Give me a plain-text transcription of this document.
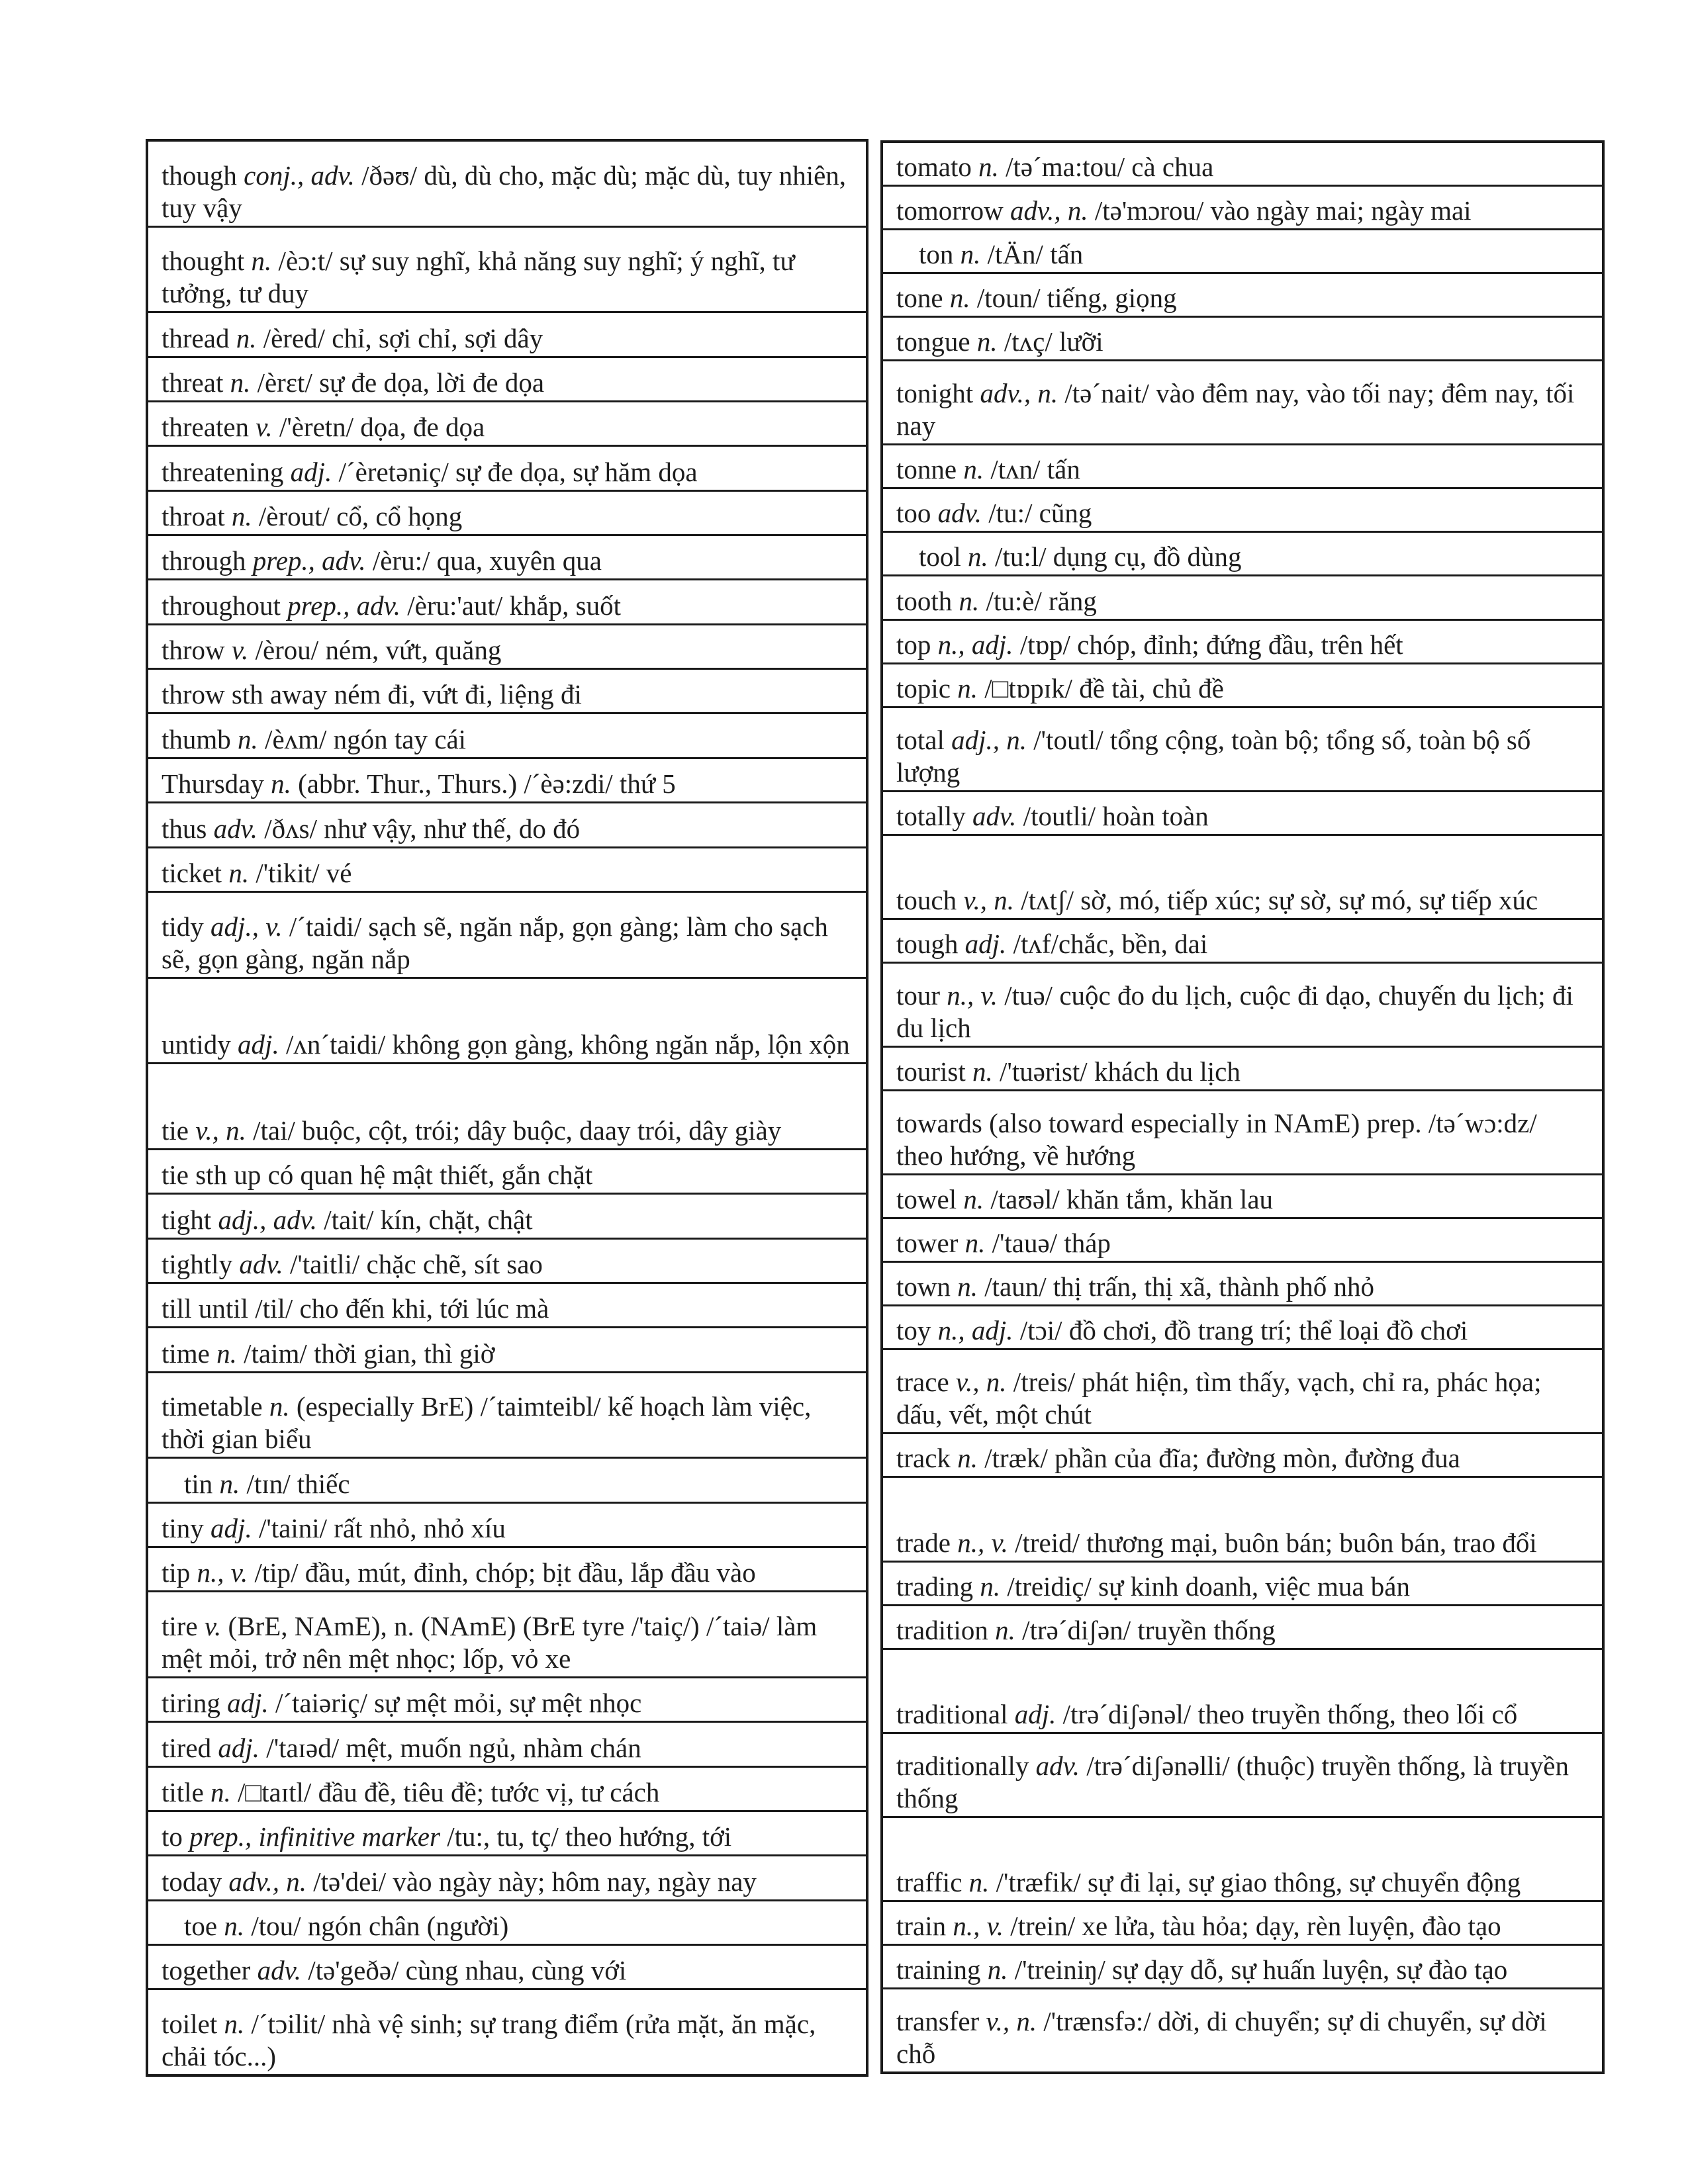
though conj., adv. /ðəʊ/ dù, dù cho, mặc dù; mặc dù, tuy nhiên, tuy vậy
thought n. /èɔ:t/ sự suy nghĩ, khả năng suy nghĩ; ý nghĩ, tư tưởng, tư duy
thread n. /èred/ chỉ, sợi chỉ, sợi dây
threat n. /èrɛt/ sự đe dọa, lời đe dọa
threaten v. /'èretn/ dọa, đe dọa
threatening adj. /´èretəniç/ sự đe dọa, sự hăm dọa
throat n. /èrout/ cổ, cổ họng
through prep., adv. /èru:/ qua, xuyên qua
throughout prep., adv. /èru:'aut/ khắp, suốt
throw v. /èrou/ ném, vứt, quăng
throw sth away ném đi, vứt đi, liệng đi
thumb n. /èʌm/ ngón tay cái
Thursday n. (abbr. Thur., Thurs.) /´èə:zdi/ thứ 5
thus adv. /ðʌs/ như vậy, như thế, do đó
ticket n. /'tikit/ vé
tidy adj., v. /´taidi/ sạch sẽ, ngăn nắp, gọn gàng; làm cho sạch sẽ, gọn gàng, ngăn nắp
untidy adj. /ʌn´taidi/ không gọn gàng, không ngăn nắp, lộn xộn
tie v., n. /tai/ buộc, cột, trói; dây buộc, daay trói, dây giày
tie sth up có quan hệ mật thiết, gắn chặt
tight adj., adv. /tait/ kín, chặt, chật
tightly adv. /'taitli/ chặc chẽ, sít sao
till until /til/ cho đến khi, tới lúc mà
time n. /taim/ thời gian, thì giờ
timetable n. (especially BrE) /´taimteibl/ kế hoạch làm việc, thời gian biểu
tin n. /tɪn/ thiếc
tiny adj. /'taini/ rất nhỏ, nhỏ xíu
tip n., v. /tip/ đầu, mút, đỉnh, chóp; bịt đầu, lắp đầu vào
tire v. (BrE, NAmE), n. (NAmE) (BrE tyre /'taiç/) /´taiə/ làm mệt mỏi, trở nên mệt nhọc; lốp, vỏ xe
tiring adj. /´taiəriç/ sự mệt mỏi, sự mệt nhọc
tired adj. /'taɪəd/ mệt, muốn ngủ, nhàm chán
title n. /□taɪtl/ đầu đề, tiêu đề; tước vị, tư cách
to prep., infinitive marker /tu:, tu, tç/ theo hướng, tới
today adv., n. /tə'dei/ vào ngày này; hôm nay, ngày nay
toe n. /tou/ ngón chân (người)
together adv. /tə'geðə/ cùng nhau, cùng với
toilet n. /´tɔilit/ nhà vệ sinh; sự trang điểm (rửa mặt, ăn mặc, chải tóc...)
tomato n. /tə´ma:tou/ cà chua
tomorrow adv., n. /tə'mɔrou/ vào ngày mai; ngày mai
ton n. /tÄn/ tấn
tone n. /toun/ tiếng, giọng
tongue n. /tʌç/ lưỡi
tonight adv., n. /tə´nait/ vào đêm nay, vào tối nay; đêm nay, tối nay
tonne n. /tʌn/ tấn
too adv. /tu:/ cũng
tool n. /tu:l/ dụng cụ, đồ dùng
tooth n. /tu:è/ răng
top n., adj. /tɒp/ chóp, đỉnh; đứng đầu, trên hết
topic n. /□tɒpɪk/ đề tài, chủ đề
total adj., n. /'toutl/ tổng cộng, toàn bộ; tổng số, toàn bộ số lượng
totally adv. /toutli/ hoàn toàn
touch v., n. /tʌtʃ/ sờ, mó, tiếp xúc; sự sờ, sự mó, sự tiếp xúc
tough adj. /tʌf/chắc, bền, dai
tour n., v. /tuə/ cuộc đo du lịch, cuộc đi dạo, chuyến du lịch; đi du lịch
tourist n. /'tuərist/ khách du lịch
towards (also toward especially in NAmE) prep. /tə´wɔ:dz/ theo hướng, về hướng
towel n. /taʊəl/ khăn tắm, khăn lau
tower n. /'tauə/ tháp
town n. /taun/ thị trấn, thị xã, thành phố nhỏ
toy n., adj. /tɔi/ đồ chơi, đồ trang trí; thể loại đồ chơi
trace v., n. /treis/ phát hiện, tìm thấy, vạch, chỉ ra, phác họa; dấu, vết, một chút
track n. /træk/ phần của đĩa; đường mòn, đường đua
trade n., v. /treid/ thương mại, buôn bán; buôn bán, trao đổi
trading n. /treidiç/ sự kinh doanh, việc mua bán
tradition n. /trə´diʃən/ truyền thống
traditional adj. /trə´diʃənəl/ theo truyền thống, theo lối cổ
traditionally adv. /trə´diʃənəlli/ (thuộc) truyền thống, là truyền thống
traffic n. /'træfik/ sự đi lại, sự giao thông, sự chuyển động
train n., v. /trein/ xe lửa, tàu hỏa; dạy, rèn luyện, đào tạo
training n. /'treiniŋ/ sự dạy dỗ, sự huấn luyện, sự đào tạo
transfer v., n. /'trænsfə:/ dời, di chuyển; sự di chuyển, sự dời chỗ
